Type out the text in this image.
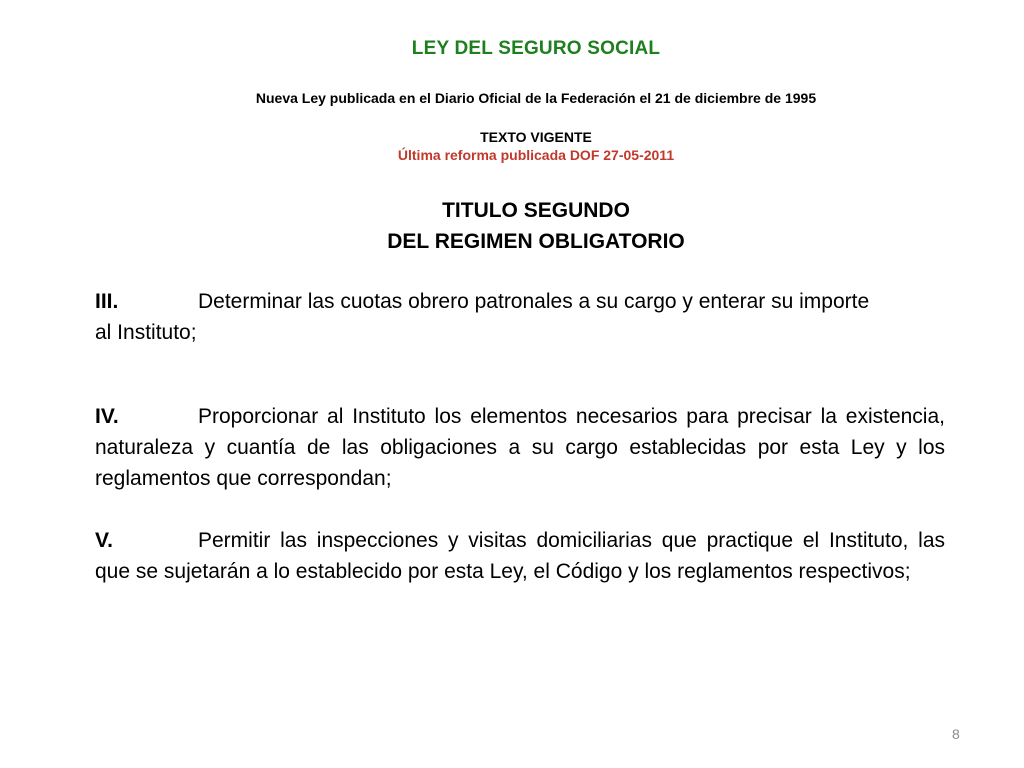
LEY DEL SEGURO SOCIAL
Nueva Ley publicada en el Diario Oficial de la Federación el 21 de diciembre de 1995
TEXTO VIGENTE
Última reforma publicada DOF 27-05-2011
TITULO SEGUNDO
DEL REGIMEN OBLIGATORIO
III.	Determinar las cuotas obrero patronales a su cargo y enterar su importe al Instituto;
IV.	Proporcionar al Instituto los elementos necesarios para precisar la existencia, naturaleza y cuantía de las obligaciones a su cargo establecidas por esta Ley y los reglamentos que correspondan;
V.	Permitir las inspecciones y visitas domiciliarias que practique el Instituto, las que se sujetarán a lo establecido por esta Ley, el Código y los reglamentos respectivos;
8
